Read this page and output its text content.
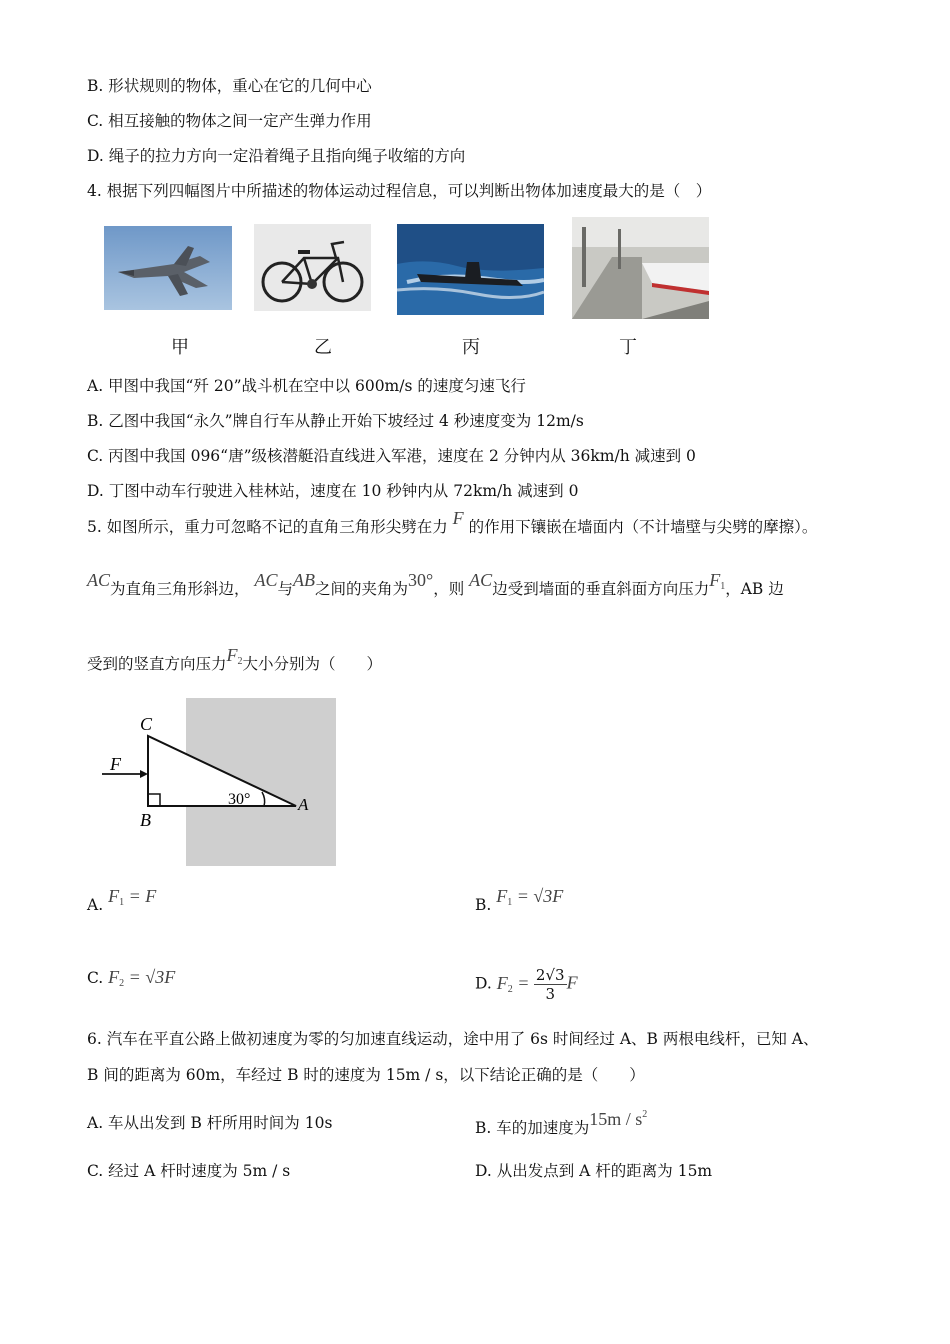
B. 形状规则的物体，重心在它的几何中心
C. 相互接触的物体之间一定产生弹力作用
D. 绳子的拉力方向一定沿着绳子且指向绳子收缩的方向
4. 根据下列四幅图片中所描述的物体运动过程信息，可以判断出物体加速度最大的是（　）
甲	乙	丙	丁
A. 甲图中我国“歼 20”战斗机在空中以 600m/s 的速度匀速飞行
B. 乙图中我国“永久”牌自行车从静止开始下坡经过 4 秒速度变为 12m/s
C. 丙图中我国 096“唐”级核潜艇沿直线进入军港，速度在 2 分钟内从 36km/h 减速到 0
D. 丁图中动车行驶进入桂林站，速度在 10 秒钟内从 72km/h 减速到 0
5. 如图所示，重力可忽略不记的直角三角形尖劈在力 F 的作用下镶嵌在墙面内（不计墙壁与尖劈的摩擦）。
AC为直角三角形斜边， AC与AB之间的夹角为30°，则 AC边受到墙面的垂直斜面方向压力$F_1$，AB 边
受到的竖直方向压力$F_2$大小分别为（　　）
C
F
B
A
30°
A. $F_1 = F$	B. $F_1 = √3F$
C. $F_2 = √3F$	D. $F_2 = \frac{2√3}{3}$ F
6. 汽车在平直公路上做初速度为零的匀加速直线运动，途中用了 6s 时间经过 A、B 两根电线杆，已知 A、
B 间的距离为 60m，车经过 B 时的速度为 15m / s，以下结论正确的是（　　）
A. 车从出发到 B 杆所用时间为 10s	B. 车的加速度为$15m / s^2$
C. 经过 A 杆时速度为 5m / s	D. 从出发点到 A 杆的距离为 15m
